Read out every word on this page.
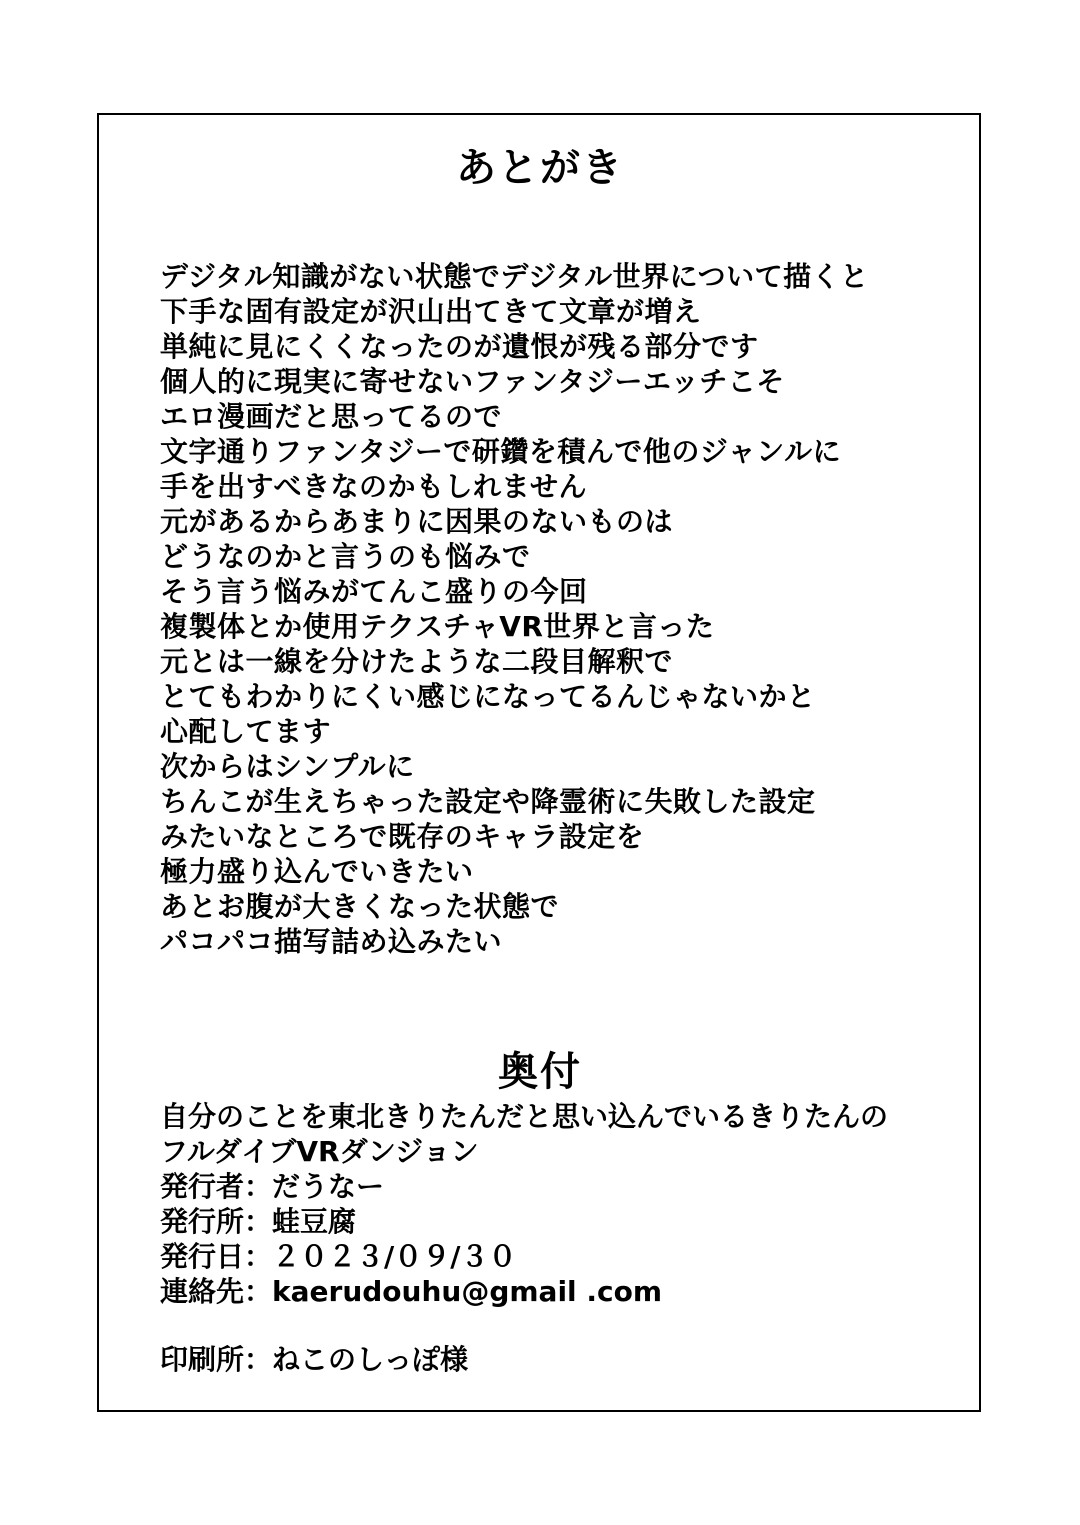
あとがき
デジタル知識がない状態でデジタル世界について描くと
下手な固有設定が沢山出てきて文章が増え
単純に見にくくなったのが遺恨が残る部分です
個人的に現実に寄せないファンタジーエッチこそ
エロ漫画だと思ってるので
文字通りファンタジーで研鑽を積んで他のジャンルに
手を出すべきなのかもしれません
元があるからあまりに因果のないものは
どうなのかと言うのも悩みで
そう言う悩みがてんこ盛りの今回
複製体とか使用テクスチャVR世界と言った
元とは一線を分けたような二段目解釈で
とてもわかりにくい感じになってるんじゃないかと
心配してます
次からはシンプルに
ちんこが生えちゃった設定や降霊術に失敗した設定
みたいなところで既存のキャラ設定を
極力盛り込んでいきたい
あとお腹が大きくなった状態で
パコパコ描写詰め込みたい
奥付
自分のことを東北きりたんだと思い込んでいるきりたんの
フルダイブVRダンジョン
発行者：だうなー
発行所：蛙豆腐
発行日：２０２３/０９/３０
連絡先：kaerudouhu@gmail .com
印刷所：ねこのしっぽ様
